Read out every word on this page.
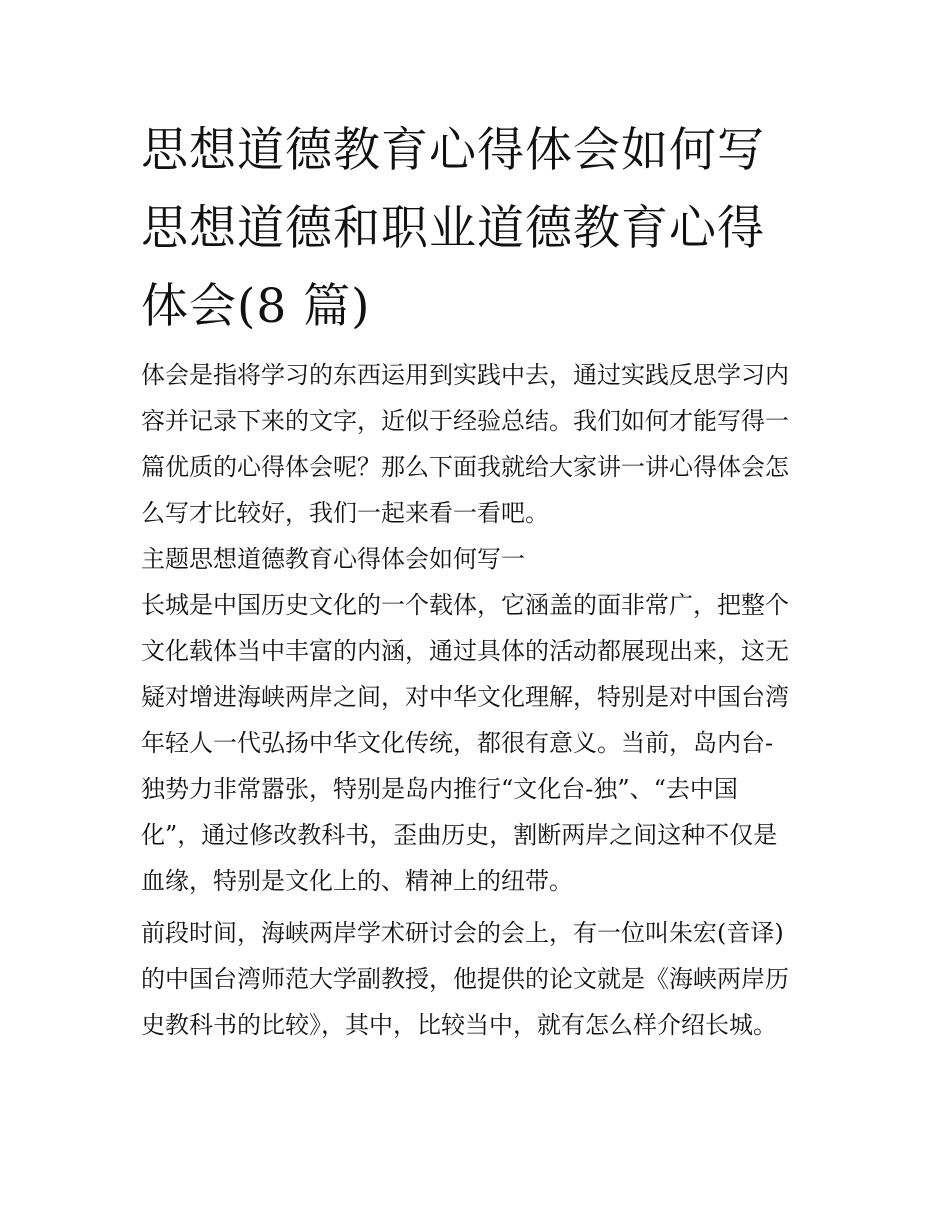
思想道德教育心得体会如何写
思想道德和职业道德教育心得
体会(8 篇)

体会是指将学习的东西运用到实践中去，通过实践反思学习内
容并记录下来的文字，近似于经验总结。我们如何才能写得一
篇优质的心得体会呢？那么下面我就给大家讲一讲心得体会怎
么写才比较好，我们一起来看一看吧。

主题思想道德教育心得体会如何写一

长城是中国历史文化的一个载体，它涵盖的面非常广，把整个
文化载体当中丰富的内涵，通过具体的活动都展现出来，这无
疑对增进海峡两岸之间，对中华文化理解，特别是对中国台湾
年轻人一代弘扬中华文化传统，都很有意义。当前，岛内台-
独势力非常嚣张，特别是岛内推行“文化台-独”、“去中国
化”，通过修改教科书，歪曲历史，割断两岸之间这种不仅是
血缘，特别是文化上的、精神上的纽带。

前段时间，海峡两岸学术研讨会的会上，有一位叫朱宏(音译)
的中国台湾师范大学副教授，他提供的论文就是《海峡两岸历
史教科书的比较》，其中，比较当中，就有怎么样介绍长城。
